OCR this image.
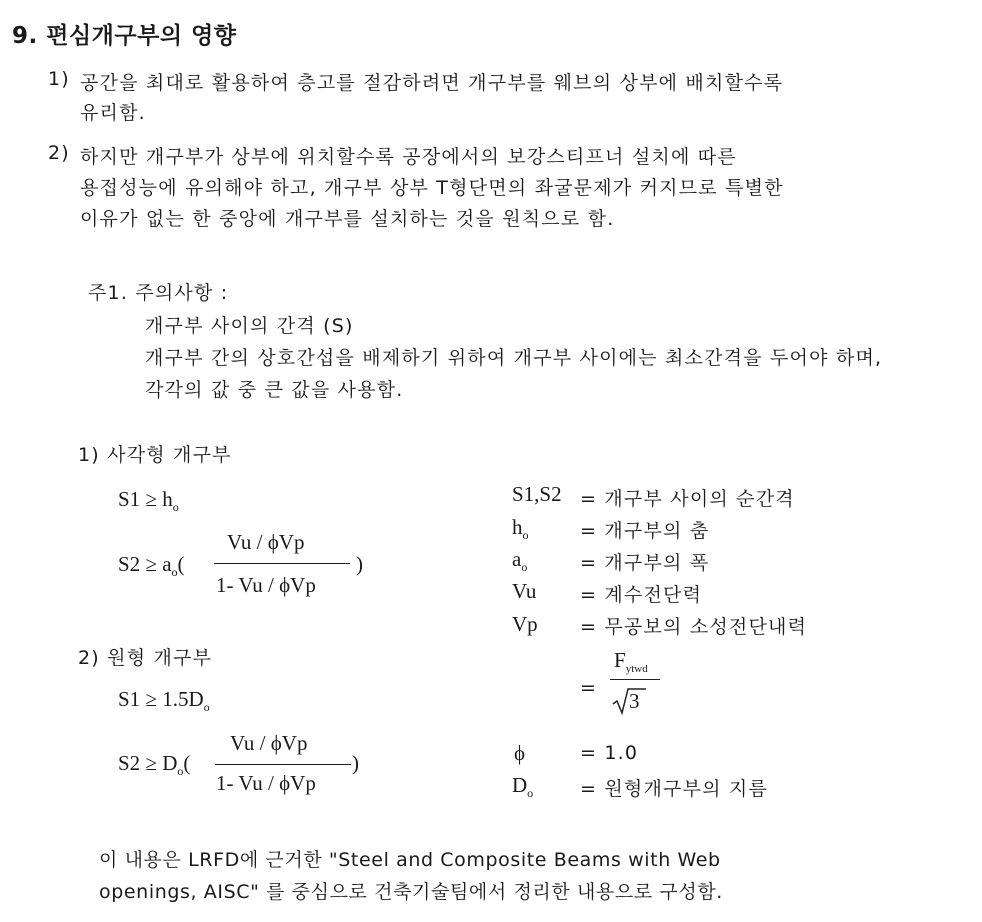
9. 편심개구부의 영향
1) 공간을 최대로 활용하여 층고를 절감하려면 개구부를 웨브의 상부에 배치할수록
유리함.
2) 하지만 개구부가 상부에 위치할수록 공장에서의 보강스티프너 설치에 따른
용접성능에 유의해야 하고, 개구부 상부 T형단면의 좌굴문제가 커지므로 특별한
이유가 없는 한 중앙에 개구부를 설치하는 것을 원칙으로 함.
주1. 주의사항 :
개구부 사이의 간격 (S)
개구부 간의 상호간섭을 배제하기 위하여 개구부 사이에는 최소간격을 두어야 하며,
각각의 값 중 큰 값을 사용함.
1) 사각형 개구부
$S1 \ge h_o$
$S2 \ge a_o$(
Vu / ϕVp
1- Vu / ϕVp
)
2) 원형 개구부
$S1 \ge 1.5D_o$
$S2 \ge D_o$(
Vu / ϕVp
1- Vu / ϕVp
)
S1,S2 = 개구부 사이의 순간격
$h_o$	= 개구부의 춤
$a_o$	= 개구부의 폭
Vu = 계수전단력
Vp = 무공보의 소성전단내력
=
$F_{ytwd}$
3
ϕ	= 1.0
$D_o$ = 원형개구부의 지름
이 내용은 LRFD에 근거한 "Steel and Composite Beams with Web
openings, AISC" 를 중심으로 건축기술팀에서 정리한 내용으로 구성함.
